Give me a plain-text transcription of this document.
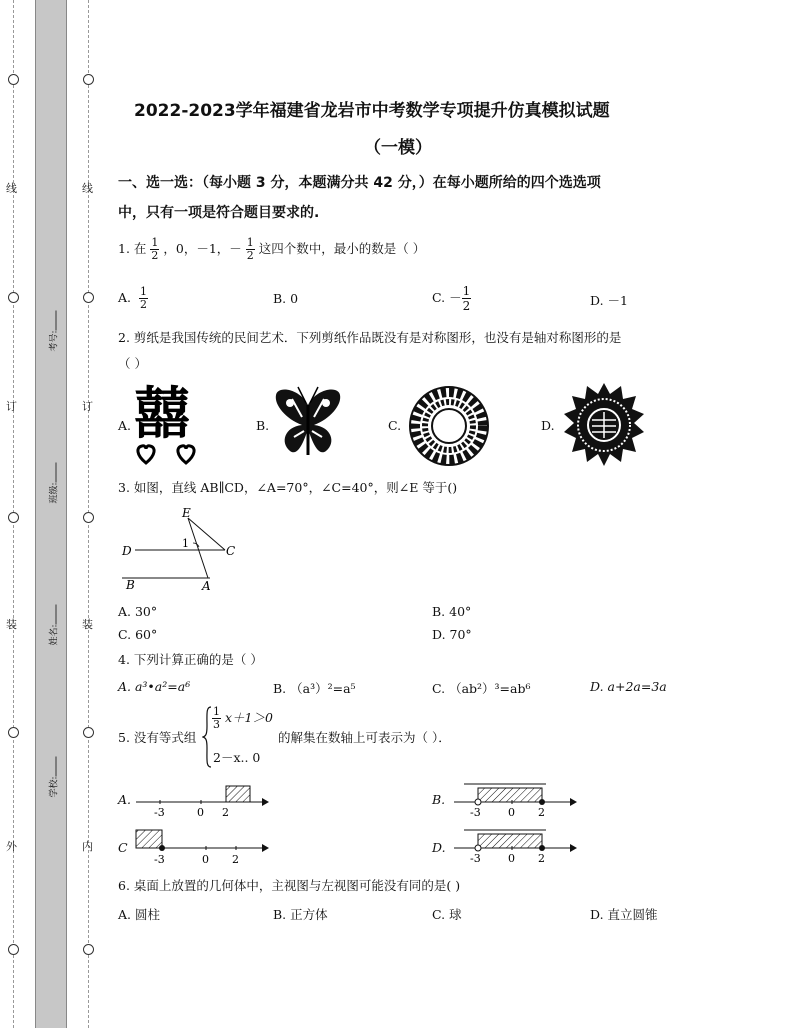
线
订
装
外
线
订
装
内
考号:
班级:
姓名:
学校:
2022-2023学年福建省龙岩市中考数学专项提升仿真模拟试题
（一模）
一、选一选：（每小题 3 分，本题满分共 42 分，）在每小题所给的四个选选项
中，只有一项是符合题目要求的.
1. 在 $\frac{1}{2}$ ，0，－1，－ $\frac{1}{2}$ 这四个数中，最小的数是（ ）
A. $\frac{1}{2}$	B. 0	C. － $\frac{1}{2}$	D. －1
2. 剪纸是我国传统的民间艺术．下列剪纸作品既没有是对称图形，也没有是轴对称图形的是
（ ）
A. 囍	B.	C.	D.
3. 如图，直线 AB∥CD，∠A=70°，∠C=40°，则∠E 等于()
E
D	C
B	A
1
A. 30°	B. 40°
C. 60°	D. 70°
4. 下列计算正确的是（ ）
A. a³•a²=a⁶	B. （a³）²=a⁵	C. （ab²）³=ab⁶	D. a+2a=3a
5. 没有等式组
$\frac{1}{3} x+1>0$
2－x.. 0
的解集在数轴上可表示为（ ）．
A.
-3	0 2
B.
-3 0 2
C
-3	0 2
D.
-3 0 2
6. 桌面上放置的几何体中，主视图与左视图可能没有同的是( )
A. 圆柱	B. 正方体	C. 球	D. 直立圆锥
